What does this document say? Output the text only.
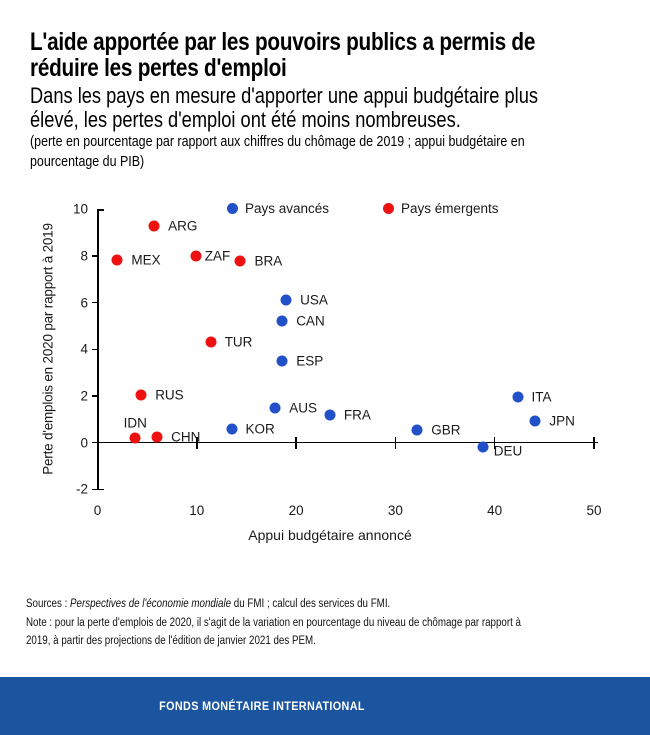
L'aide apportée par les pouvoirs publics a permis de
réduire les pertes d'emploi
Dans les pays en mesure d'apporter une appui budgétaire plus
élevé, les pertes d'emploi ont été moins nombreuses.
(perte en pourcentage par rapport aux chiffres du chômage de 2019 ; appui budgétaire en
pourcentage du PIB)
10
8
6
4
2
0
-2
0	10	20	30	40	50
USA
CAN
ESP
AUS FRA
KOR	GBR
DEU
ITA
JPN
ARG
MEX	ZAF BRA
TUR
RUS
IDN
CHN
Pays avancés	Pays émergents
Perte d'emplois en 2020 par rapport à 2019
Appui budgétaire annoncé
Sources : Perspectives de l'économie mondiale du FMI ; calcul des services du FMI.
Note : pour la perte d'emplois de 2020, il s'agit de la variation en pourcentage du niveau de chômage par rapport à
2019, à partir des projections de l'édition de janvier 2021 des PEM.
FONDS MONÉTAIRE INTERNATIONAL
